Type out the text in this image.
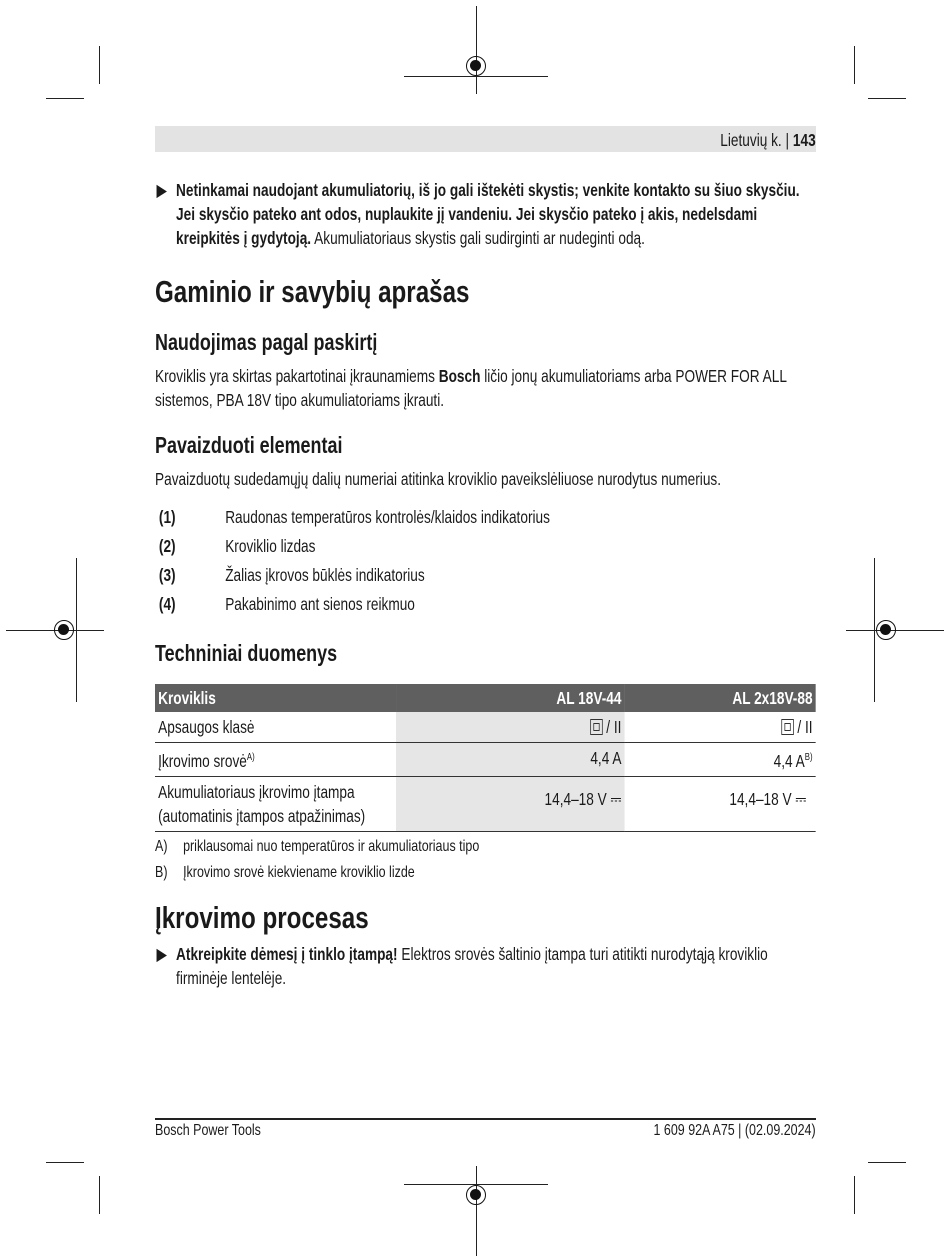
Lietuvių k. | 143
▶ Netinkamai naudojant akumuliatorių, iš jo gali ištekėti skystis; venkite kontakto su šiuo skysčiu. Jei skysčio pateko ant odos, nuplaukite jį vandeniu. Jei skysčio pateko į akis, nedelsdami kreipkitės į gydytoją. Akumuliatoriaus skystis gali sudirginti ar nudeginti odą.
Gaminio ir savybių aprašas
Naudojimas pagal paskirtį
Kroviklis yra skirtas pakartotinai įkraunamiems Bosch ličio jonų akumuliatoriams arba POWER FOR ALL sistemos, PBA 18V tipo akumuliatoriams įkrauti.
Pavaizduoti elementai
Pavaizduotų sudedamųjų dalių numeriai atitinka kroviklio paveikslėliuose nurodytus numerius.
(1)	Raudonas temperatūros kontrolės/klaidos indikatorius
(2)	Kroviklio lizdas
(3)	Žalias įkrovos būklės indikatorius
(4)	Pakabinimo ant sienos reikmuo
Techniniai duomenys
Kroviklis	AL 18V-44	AL 2x18V-88
Apsaugos klasė	/ II	/ II
Įkrovimo srovė$^{A)}$	4,4 A	4,4 $A^{B)}$
Akumuliatoriaus įkrovimo įtampa (automatinis įtampos atpažinimas)	14,4–18 V ⎓	14,4–18 V ⎓
A) priklausomai nuo temperatūros ir akumuliatoriaus tipo
B) Įkrovimo srovė kiekviename kroviklio lizde
Įkrovimo procesas
▶ Atkreipkite dėmesį į tinklo įtampą! Elektros srovės šaltinio įtampa turi atitikti nurodytąją kroviklio firminėje lentelėje.
Bosch Power Tools	1 609 92A A75 | (02.09.2024)
